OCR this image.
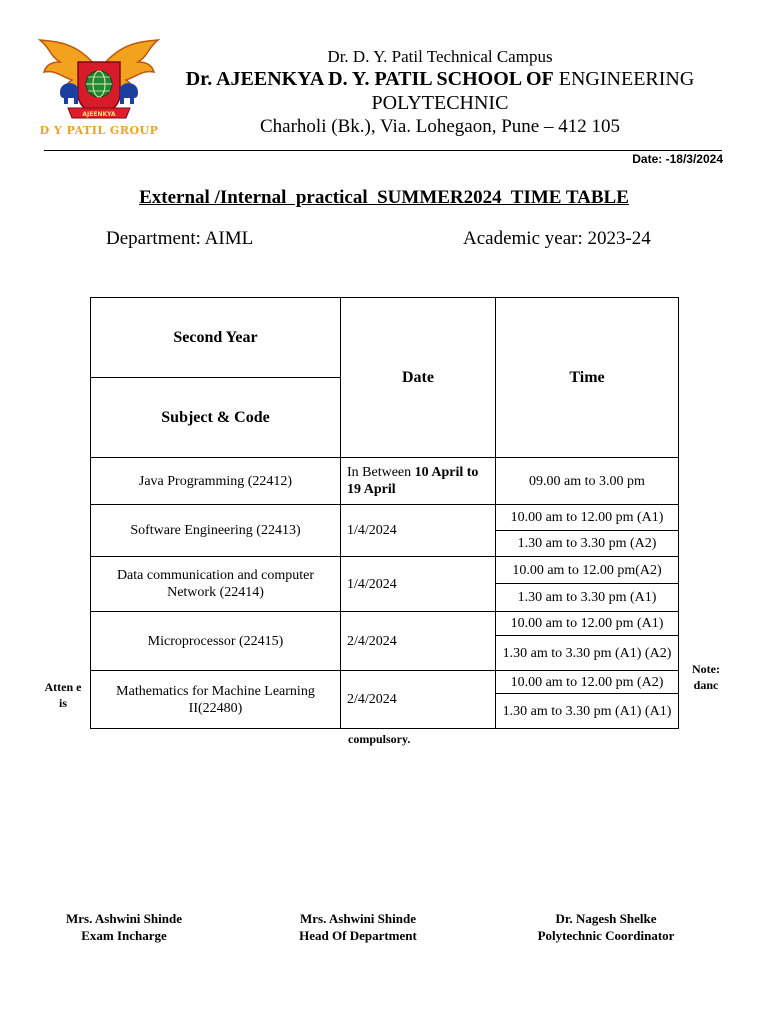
AJEENKYA
D Y PATIL GROUP
Dr. D. Y. Patil Technical Campus
Dr. AJEENKYA D. Y. PATIL SCHOOL OF ENGINEERING POLYTECHNIC
Charholi (Bk.), Via. Lohegaon, Pune – 412 105
Date: -18/3/2024
External /Internal  practical  SUMMER2024  TIME TABLE
Department: AIML	Academic year: 2023-24
Second Year	Date	Time
Subject & Code		
Java Programming (22412)	In Between 10 April to 19 April	09.00 am to 3.00 pm
Software Engineering (22413)	1/4/2024	10.00 am to 12.00 pm (A1)
		1.30 am to 3.30 pm (A2)
Data communication and computer Network (22414)	1/4/2024	10.00 am to 12.00 pm(A2)
		1.30 am to 3.30 pm (A1)
Microprocessor (22415)	2/4/2024	10.00 am to 12.00 pm (A1)
		1.30 am to 3.30 pm (A1) (A2)
Mathematics for Machine Learning II(22480)	2/4/2024	10.00 am to 12.00 pm (A2)
		1.30 am to 3.30 pm (A1) (A1)
Atten e is
Note: danc
compulsory.
Mrs. Ashwini Shinde
Exam Incharge
Mrs. Ashwini Shinde
Head Of Department
Dr. Nagesh Shelke
Polytechnic Coordinator
